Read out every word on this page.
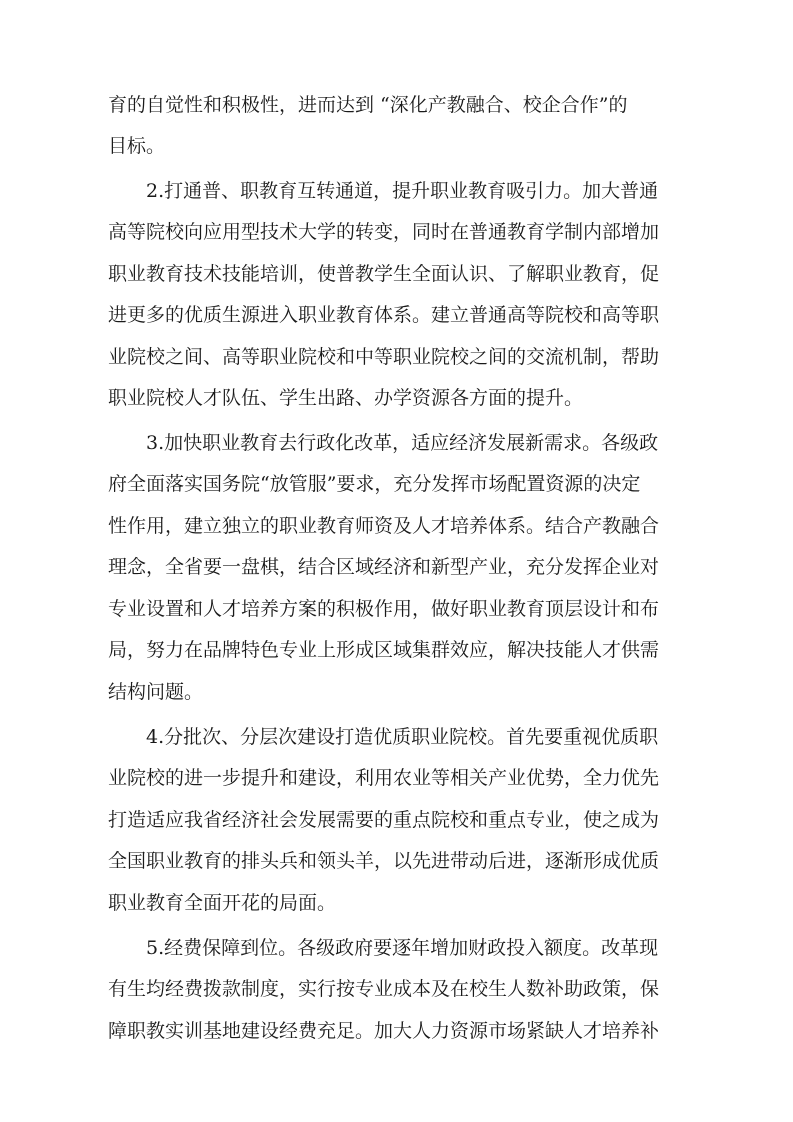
育的自觉性和积极性，进而达到 “深化产教融合、校企合作”的
目标。
2.打通普、职教育互转通道，提升职业教育吸引力。加大普通
高等院校向应用型技术大学的转变，同时在普通教育学制内部增加
职业教育技术技能培训，使普教学生全面认识、了解职业教育，促
进更多的优质生源进入职业教育体系。建立普通高等院校和高等职
业院校之间、高等职业院校和中等职业院校之间的交流机制，帮助
职业院校人才队伍、学生出路、办学资源各方面的提升。
3.加快职业教育去行政化改革，适应经济发展新需求。各级政
府全面落实国务院“放管服”要求，充分发挥市场配置资源的决定
性作用，建立独立的职业教育师资及人才培养体系。结合产教融合
理念，全省要一盘棋，结合区域经济和新型产业，充分发挥企业对
专业设置和人才培养方案的积极作用，做好职业教育顶层设计和布
局，努力在品牌特色专业上形成区域集群效应，解决技能人才供需
结构问题。
4.分批次、分层次建设打造优质职业院校。首先要重视优质职
业院校的进一步提升和建设，利用农业等相关产业优势，全力优先
打造适应我省经济社会发展需要的重点院校和重点专业，使之成为
全国职业教育的排头兵和领头羊，以先进带动后进，逐渐形成优质
职业教育全面开花的局面。
5.经费保障到位。各级政府要逐年增加财政投入额度。改革现
有生均经费拨款制度，实行按专业成本及在校生人数补助政策，保
障职教实训基地建设经费充足。加大人力资源市场紧缺人才培养补
